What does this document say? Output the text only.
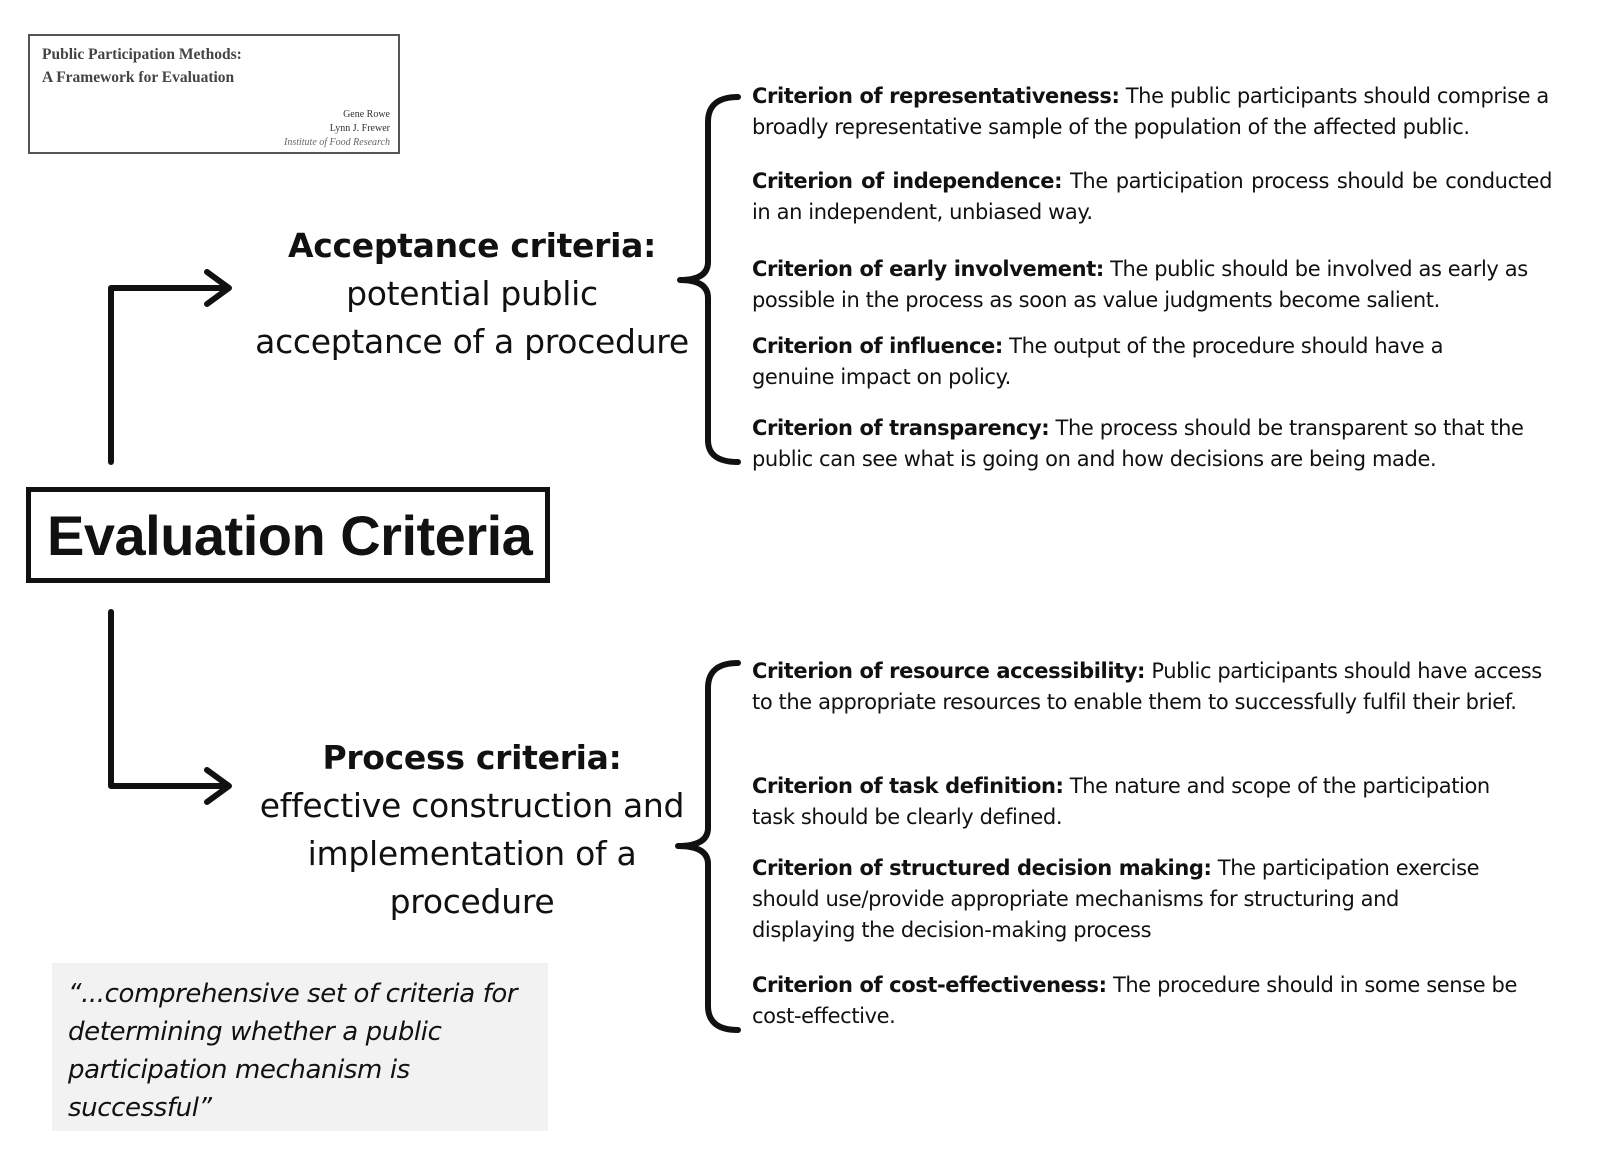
Public Participation Methods:
A Framework for Evaluation
Gene Rowe
Lynn J. Frewer
Institute of Food Research
Evaluation Criteria
Acceptance criteria:
potential public
acceptance of a procedure
Process criteria:
effective construction and
implementation of a
procedure
Criterion of representativeness: The public participants should comprise a broadly representative sample of the population of the affected public.
Criterion of independence: The participation process should be conducted in an independent, unbiased way.
Criterion of early involvement: The public should be involved as early as possible in the process as soon as value judgments become salient.
Criterion of influence: The output of the procedure should have a genuine impact on policy.
Criterion of transparency: The process should be transparent so that the public can see what is going on and how decisions are being made.
Criterion of resource accessibility: Public participants should have access to the appropriate resources to enable them to successfully fulfil their brief.
Criterion of task definition: The nature and scope of the participation task should be clearly defined.
Criterion of structured decision making: The participation exercise should use/provide appropriate mechanisms for structuring and displaying the decision-making process
Criterion of cost-effectiveness: The procedure should in some sense be cost-effective.
“...comprehensive set of criteria for determining whether a public participation mechanism is successful”
